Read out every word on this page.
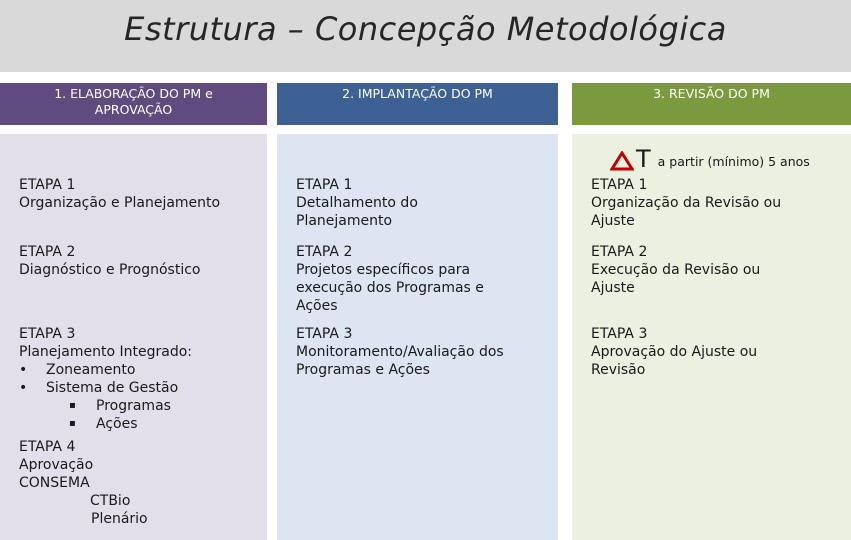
Estrutura – Concepção Metodológica
1. ELABORAÇÃO DO PM e
APROVAÇÃO
2. IMPLANTAÇÃO DO PM	3. REVISÃO DO PM
T a partir (mínimo) 5 anos
ETAPA 1
Organização e Planejamento
ETAPA 2
Diagnóstico e Prognóstico
ETAPA 3
Planejamento Integrado:
•	Zoneamento
•	Sistema de Gestão
▪	Programas
▪	Ações
ETAPA 4
Aprovação
CONSEMA
CTBio
Plenário
ETAPA 1
Detalhamento do
Planejamento
ETAPA 2
Projetos específicos para
execução dos Programas e
Ações
ETAPA 3
Monitoramento/Avaliação dos
Programas e Ações
ETAPA 1
Organização da Revisão ou
Ajuste
ETAPA 2
Execução da Revisão ou
Ajuste
ETAPA 3
Aprovação do Ajuste ou
Revisão
